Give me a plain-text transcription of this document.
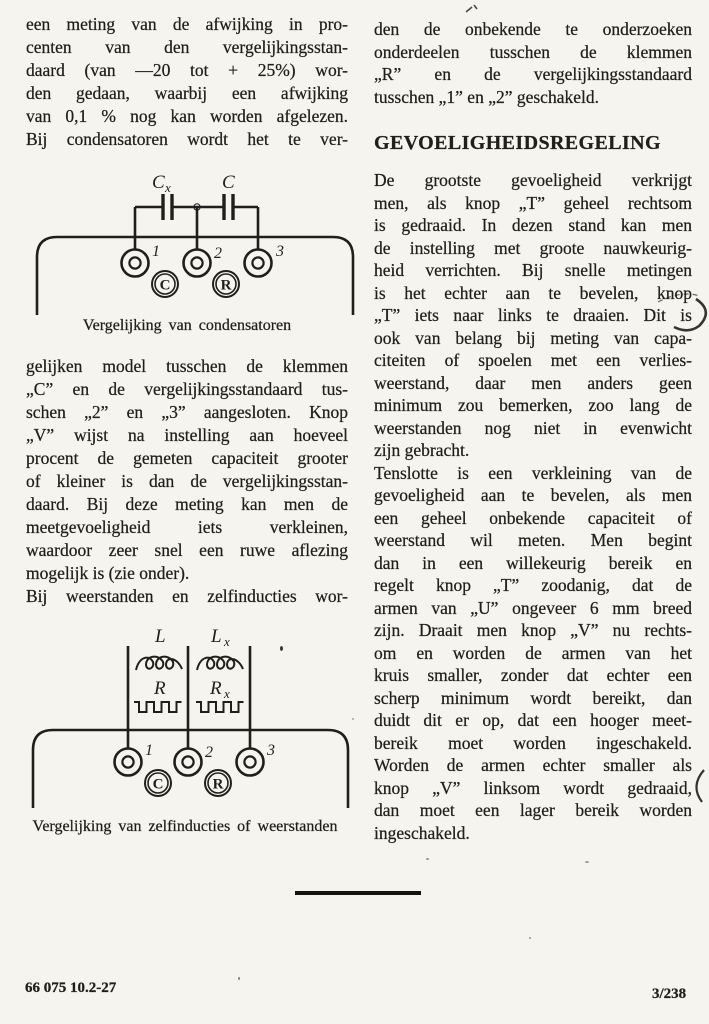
een meting van de afwijking in pro-
centen van den vergelijkingsstan-
daard (van —20 tot + 25%) wor-
den gedaan, waarbij een afwijking
van 0,1 % nog kan worden afgelezen.
Bij condensatoren wordt het te ver-
C x	C
1	2	3
C	R
Vergelijking van condensatoren
gelijken model tusschen de klemmen
„C” en de vergelijkingsstandaard tus-
schen „2” en „3” aangesloten. Knop
„V” wijst na instelling aan hoeveel
procent de gemeten capaciteit grooter
of kleiner is dan de vergelijkingsstan-
daard. Bij deze meting kan men de
meetgevoeligheid iets verkleinen,
waardoor zeer snel een ruwe aflezing
mogelijk is (zie onder).
Bij weerstanden en zelfinducties wor-
L L x
R R x
1	2	3
C	R
Vergelijking van zelfinducties of weerstanden
den de onbekende te onderzoeken
onderdeelen tusschen de klemmen
„R” en de vergelijkingsstandaard
tusschen „1” en „2” geschakeld.
GEVOELIGHEIDSREGELING
De grootste gevoeligheid verkrijgt
men, als knop „T” geheel rechtsom
is gedraaid. In dezen stand kan men
de instelling met groote nauwkeurig-
heid verrichten. Bij snelle metingen
is het echter aan te bevelen, knop
„T” iets naar links te draaien. Dit is
ook van belang bij meting van capa-
citeiten of spoelen met een verlies-
weerstand, daar men anders geen
minimum zou bemerken, zoo lang de
weerstanden nog niet in evenwicht
zijn gebracht.
Tenslotte is een verkleining van de
gevoeligheid aan te bevelen, als men
een geheel onbekende capaciteit of
weerstand wil meten. Men begint
dan in een willekeurig bereik en
regelt knop „T” zoodanig, dat de
armen van „U” ongeveer 6 mm breed
zijn. Draait men knop „V” nu rechts-
om en worden de armen van het
kruis smaller, zonder dat echter een
scherp minimum wordt bereikt, dan
duidt dit er op, dat een hooger meet-
bereik moet worden ingeschakeld.
Worden de armen echter smaller als
knop „V” linksom wordt gedraaid,
dan moet een lager bereik worden
ingeschakeld.
66 075 10.2-27	3/238
